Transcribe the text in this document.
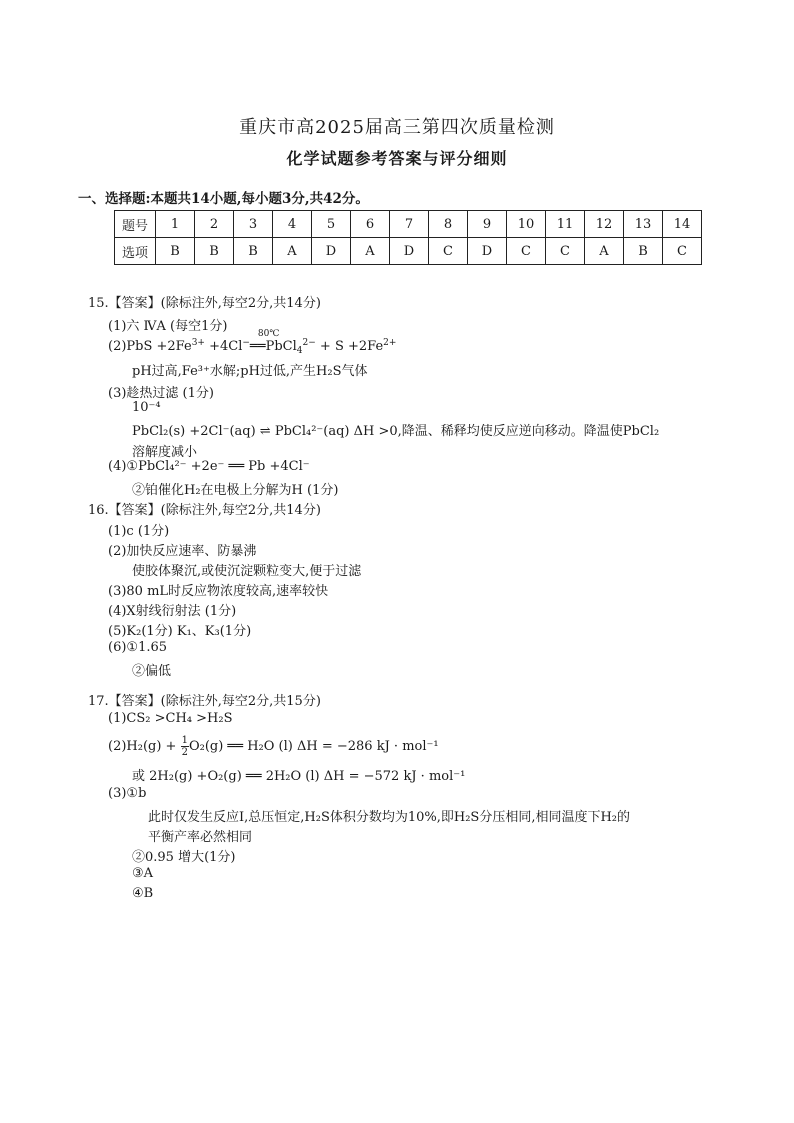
重庆市高2025届高三第四次质量检测
化学试题参考答案与评分细则
一、选择题:本题共14小题,每小题3分,共42分。
题号	1	2	3	4	5	6	7	8	9	10	11	12	13	14
选项	B	B	B	A	D	A	D	C	D	C	C	A	B	C
15.【答案】(除标注外,每空2分,共14分)
(1)六 ⅣA (每空1分)
$(2)PbS +2Fe^{3+} +4Cl^-$
80℃
══PbCl$_4^{2-}$ + $S +2Fe^{2+}$
pH过高,Fe³⁺水解;pH过低,产生H₂S气体
(3)趁热过滤 (1分)
10⁻⁴
PbCl₂(s) +2Cl⁻(aq) ⇌ PbCl₄²⁻(aq) ΔH >0,降温、稀释均使反应逆向移动。降温使PbCl₂
溶解度减小
(4)①PbCl₄²⁻ +2e⁻ ══ Pb +4Cl⁻
②铂催化H₂在电极上分解为H (1分)
16.【答案】(除标注外,每空2分,共14分)
(1)c (1分)
(2)加快反应速率、防暴沸
使胶体聚沉,或使沉淀颗粒变大,便于过滤
(3)80 mL时反应物浓度较高,速率较快
(4)X射线衍射法 (1分)
(5)K₂(1分) K₁、K₃(1分)
(6)①1.65
②偏低
17.【答案】(除标注外,每空2分,共15分)
(1)CS₂ >CH₄ >H₂S
$(2)H_2(g) + \frac{1}{2} O_2(g)$ ══ H₂O (l) ΔH = −286 kJ · mol⁻¹
或 2H₂(g) +O₂(g) ══ 2H₂O (l) ΔH = −572 kJ · mol⁻¹
(3)①b
此时仅发生反应Ⅰ,总压恒定,H₂S体积分数均为10%,即H₂S分压相同,相同温度下H₂的
平衡产率必然相同
②0.95 增大(1分)
③A
④B
